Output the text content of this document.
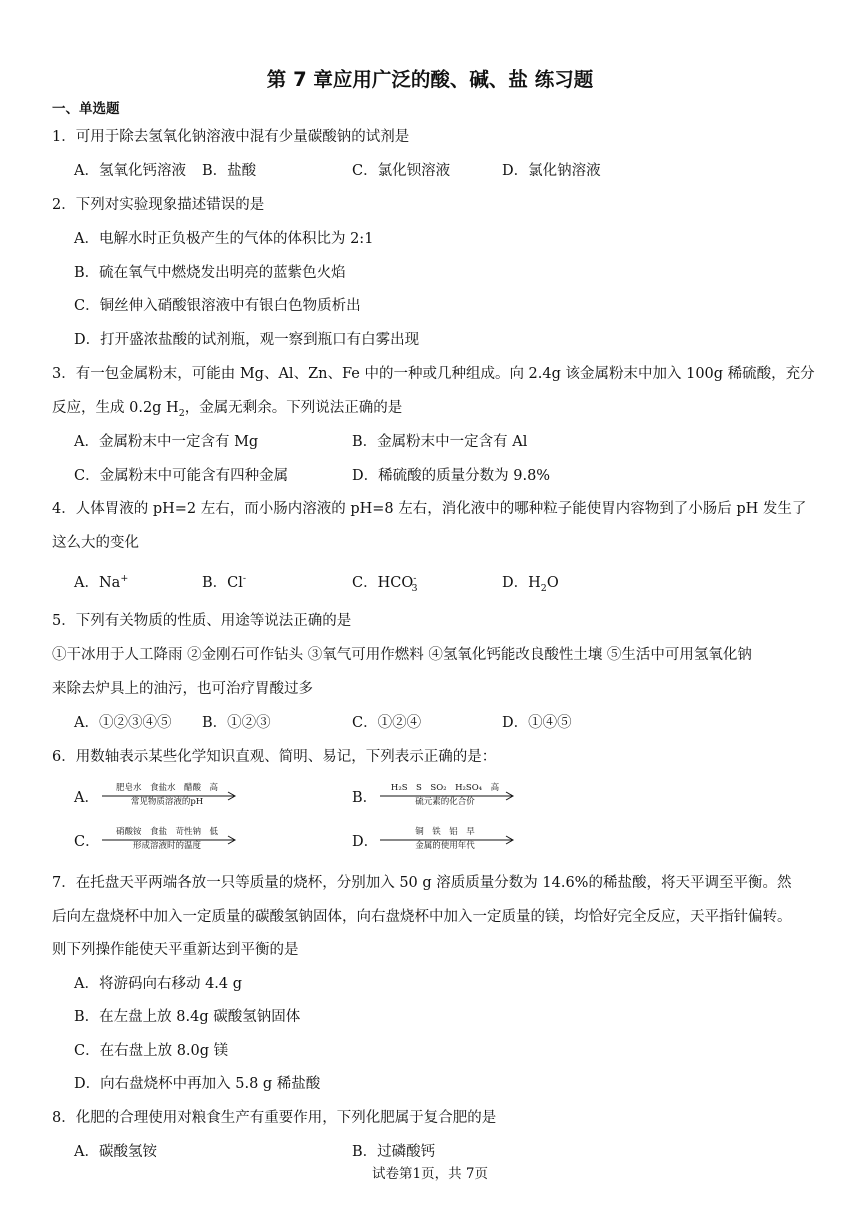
第 7 章应用广泛的酸、碱、盐 练习题
一、单选题
1．可用于除去氢氧化钠溶液中混有少量碳酸钠的试剂是
A．氢氧化钙溶液 B．盐酸	C．氯化钡溶液	D．氯化钠溶液
2．下列对实验现象描述错误的是
A．电解水时正负极产生的气体的体积比为 2:1
B．硫在氧气中燃烧发出明亮的蓝紫色火焰
C．铜丝伸入硝酸银溶液中有银白色物质析出
D．打开盛浓盐酸的试剂瓶，观一察到瓶口有白雾出现
3．有一包金属粉末，可能由 Mg、Al、Zn、Fe 中的一种或几种组成。向 2.4g 该金属粉末中加入 100g 稀硫酸，充分
反应，生成 0.2g $H_2$，金属无剩余。下列说法正确的是
A．金属粉末中一定含有 Mg	B．金属粉末中一定含有 Al
C．金属粉末中可能含有四种金属	D．稀硫酸的质量分数为 9.8%
4．人体胃液的 pH=2 左右，而小肠内溶液的 pH=8 左右，消化液中的哪种粒子能使胃内容物到了小肠后 pH 发生了
这么大的变化
A．Na+	B．Cl-	C．$HCO^-_3$	D．$H_2O$
5．下列有关物质的性质、用途等说法正确的是
①干冰用于人工降雨 ②金刚石可作钻头 ③氧气可用作燃料 ④氢氧化钙能改良酸性土壤 ⑤生活中可用氢氧化钠
来除去炉具上的油污，也可治疗胃酸过多
A．①②③④⑤ B．①②③	C．①②④	D．①④⑤
6．用数轴表示某些化学知识直观、简明、易记，下列表示正确的是：
A．
肥皂水　食盐水　醋酸　高
常见物质溶液的pH	B．
H₂S　S　SO₂　H₂SO₄　高
硫元素的化合价
C．
硝酸铵　食盐　苛性钠　低
形成溶液时的温度	D．
铜　铁　铝　早
金属的使用年代
7．在托盘天平两端各放一只等质量的烧杯，分别加入 50 g 溶质质量分数为 14.6%的稀盐酸，将天平调至平衡。然
后向左盘烧杯中加入一定质量的碳酸氢钠固体，向右盘烧杯中加入一定质量的镁，均恰好完全反应，天平指针偏转。
则下列操作能使天平重新达到平衡的是
A．将游码向右移动 4.4 g
B．在左盘上放 8.4g 碳酸氢钠固体
C．在右盘上放 8.0g 镁
D．向右盘烧杯中再加入 5.8 g 稀盐酸
8．化肥的合理使用对粮食生产有重要作用，下列化肥属于复合肥的是
A．碳酸氢铵	B．过磷酸钙
试卷第1页，共 7页
